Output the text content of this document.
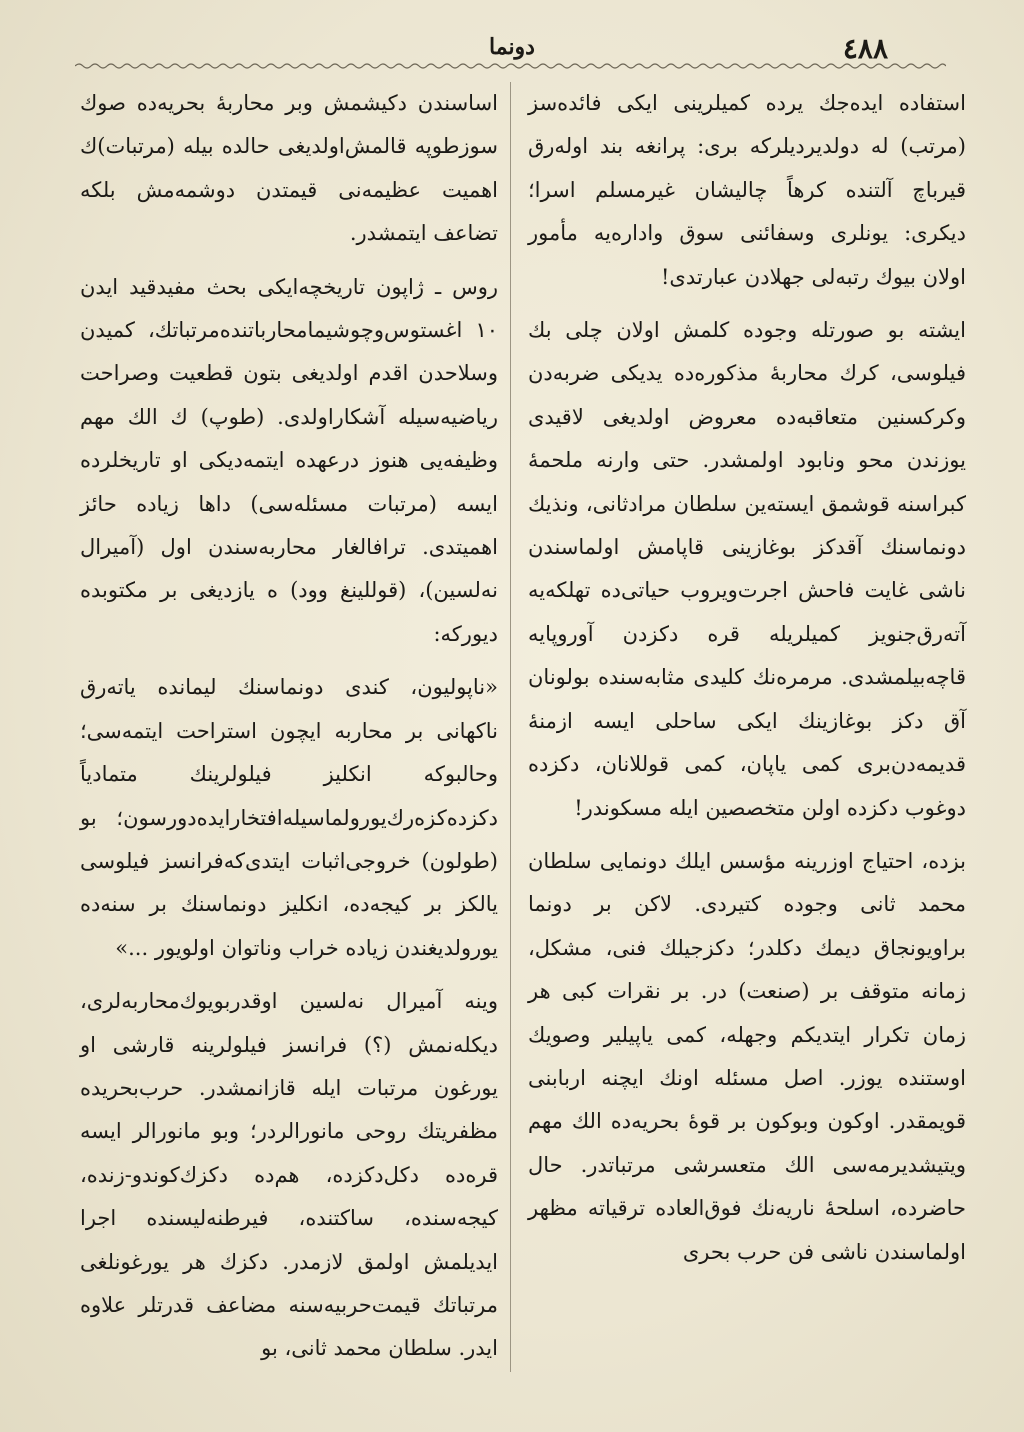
٤٨٨
دونما

استفاده ایده‌جك یرده كمیلرینی ایكی فائده‌سز (مرتب) له دولدیردیلركه بری: پرانغه بند اوله‌رق قیرباچ آلتنده كرهاً چالیشان غیرمسلم اسرا؛ دیكری: یونلری وسفائنی سوق واداره‌یه مأمور اولان بیوك رتبه‌لی جهلادن عبارتدی!

ایشته بو صورتله وجوده كلمش اولان چلی بك فیلوسی، كرك محاربهٔ مذكوره‌ده یدیكی ضربه‌دن وكركسنین متعاقبه‌ده معروض اولدیغی لاقیدی یوزندن محو ونابود اولمشدر. حتی وارنه ملحمهٔ كبراسنه قوشمق ایسته‌ین سلطان مرادثانی، ونذیك دونماسنك آقدكز بوغازینی قاپامش اولماسندن ناشی غایت فاحش اجرت‌ویروب حیاتی‌ده تهلكه‌یه آته‌رق‌جنویز كمیلریله قره دكزدن آوروپایه قاچه‌بیلمشدی. مرمره‌نك كلیدی مثابه‌سنده بولونان آق دكز بوغازینك ایكی ساحلی ایسه ازمنهٔ قدیمه‌دن‌بری كمی یاپان، كمی قوللانان، دكزده دوغوب دكزده اولن متخصصین ایله مسكوندر!

بزده، احتیاج اوزرینه مؤسس ایلك دونمایی سلطان محمد ثانی وجوده كتیردی. لاكن بر دونما براویونجاق دیمك دكلدر؛ دكزجیلك فنی، مشكل، زمانه متوقف بر (صنعت) در. بر نقرات كبی هر زمان تكرار ایتدیكم وجهله، كمی یاپیلیر وصویك اوستنده یوزر. اصل مسئله اونك ایچنه اربابنی قویمقدر. اوكون وبوكون بر قوهٔ بحریه‌ده الك مهم ویتیشدیرمه‌سی الك متعسرشی مرتباتدر. حال حاضرده، اسلحهٔ ناریه‌نك فوق‌العاده ترقیاته مظهر اولماسندن ناشی فن حرب بحری

اساسندن دكیشمش وبر محاربهٔ بحریه‌ده صوك سوزطوپه قالمش‌اولدیغی حالده بیله (مرتبات)ك اهمیت عظیمه‌نی قیمتدن دوشمه‌مش بلكه تضاعف ایتمشدر.

روس ـ ژاپون تاریخچه‌ایكی بحث مفیدقید ایدن ١٠ اغستوس‌وچوشیما‌محاربا‌تنده‌مرتباتك، كمیدن وسلاحدن اقدم اولدیغی بتون قطعیت وصراحت ریاضیه‌سیله آشكاراولدی. (طوپ) ك الك مهم وظیفه‌یی هنوز درعهده ایتمه‌دیكی او تاریخلرده ایسه (مرتبات مسئله‌سی) داها زیاده حائز اهمیتدی. ترافالغار محاربه‌سندن اول (آمیرال نه‌لسین)، (قوللینغ وود) ه یازدیغی بر مكتوبده دیوركه:

«ناپولیون، كندی دونماسنك لیمانده یاته‌رق ناكهانی بر محاربه ایچون استراحت ایتمه‌سی؛ وحالبوكه انكلیز فیلولرینك متمادیاً دكزده‌كزه‌رك‌یورولماسیله‌افتخارایده‌دورسون؛ بو (طولون) خروجی‌اثبات ایتدی‌كه‌فرانسز فیلوسی یالكز بر كیجه‌ده، انكلیز دونماسنك بر سنه‌ده یورولدیغندن زیاده خراب وناتوان اولویور ...»

وینه آمیرال نه‌لسین اوقدربویوك‌محاربه‌لری، دیكله‌نمش (؟) فرانسز فیلولرینه قارشی او یورغون مرتبات ایله قازانمشدر. حرب‌بحریده مظفریتك روحی مانورالردر؛ وبو مانورالر ایسه قره‌ده دكل‌دكزده، هم‌ده دكزك‌كوندو-زنده، كیجه‌سنده، ساكتنده، فیرطنه‌لیسنده اجرا ایدیلمش اولمق لازمدر. دكزك هر یورغونلغی مرتباتك قیمت‌حربیه‌سنه مضاعف قدرتلر علاوه ایدر. سلطان محمد ثانی، بو
